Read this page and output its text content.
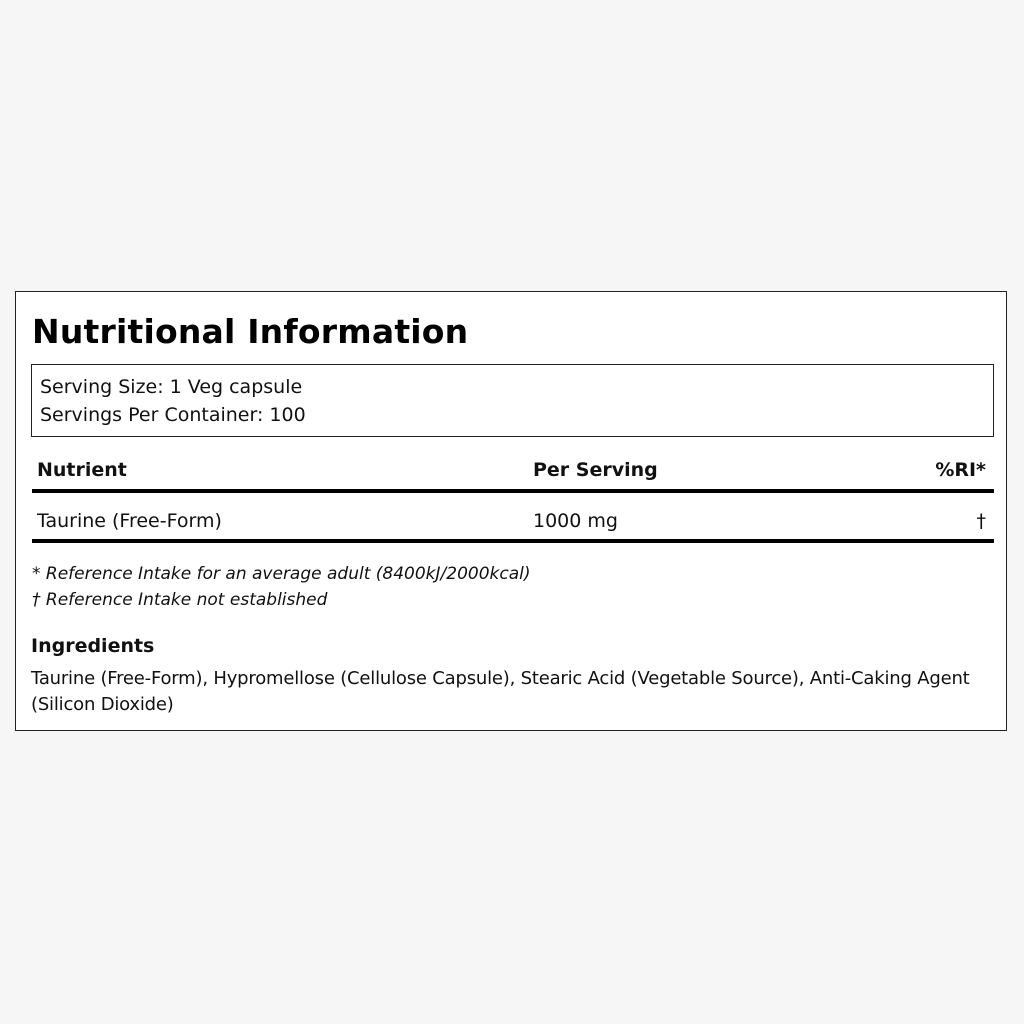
Nutritional Information
Serving Size: 1 Veg capsule
Servings Per Container: 100
Nutrient	Per Serving	%RI*
Taurine (Free-Form)	1000 mg	†
* Reference Intake for an average adult (8400kJ/2000kcal)
† Reference Intake not established
Ingredients

Taurine (Free-Form), Hypromellose (Cellulose Capsule), Stearic Acid (Vegetable Source), Anti-Caking Agent (Silicon Dioxide)
